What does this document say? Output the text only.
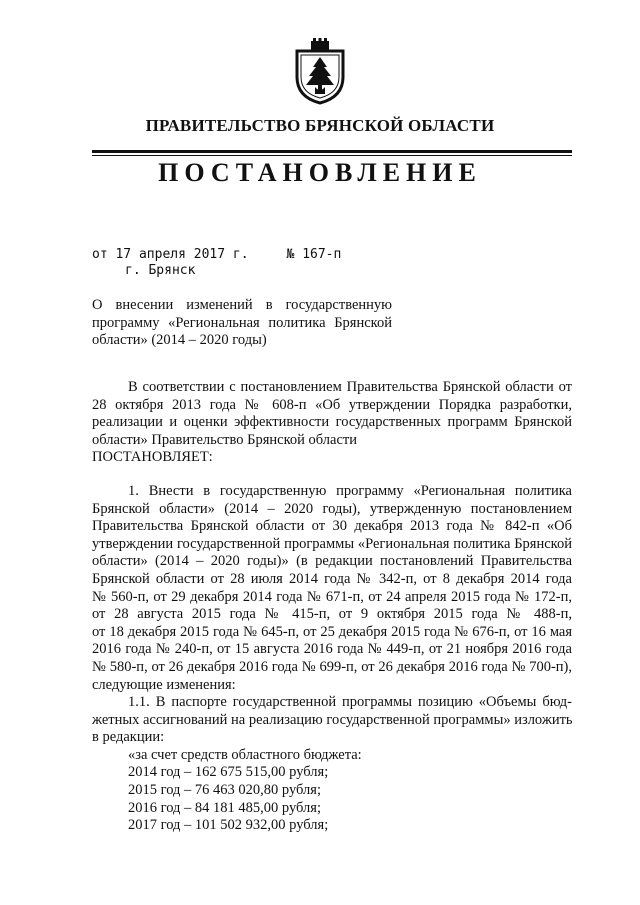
ПРАВИТЕЛЬСТВО БРЯНСКОЙ ОБЛАСТИ
ПОСТАНОВЛЕНИЕ
от 17 апреля 2017 г.	№ 167-п
г. Брянск
О внесении изменений в государственную
программу «Региональная политика Брянской
области» (2014 – 2020 годы)
В соответствии с постановлением Правительства Брянской области от
28 октября 2013 года № 608-п «Об утверждении Порядка разработки,
реализации и оценки эффективности государственных программ Брянской
области» Правительство Брянской области
ПОСТАНОВЛЯЕТ:
1. Внести в государственную программу «Региональная политика
Брянской области» (2014 – 2020 годы), утвержденную постановлением
Правительства Брянской области от 30 декабря 2013 года № 842-п «Об
утверждении государственной программы «Региональная политика Брянской
области» (2014 – 2020 годы)» (в редакции постановлений Правительства
Брянской области от 28 июля 2014 года № 342-п, от 8 декабря 2014 года
№ 560-п, от 29 декабря 2014 года № 671-п, от 24 апреля 2015 года № 172-п,
от 28 августа 2015 года № 415-п, от 9 октября 2015 года № 488-п,
от 18 декабря 2015 года № 645-п, от 25 декабря 2015 года № 676-п, от 16 мая
2016 года № 240-п, от 15 августа 2016 года № 449-п, от 21 ноября 2016 года
№ 580-п, от 26 декабря 2016 года № 699-п, от 26 декабря 2016 года № 700-п),
следующие изменения:
1.1. В паспорте государственной программы позицию «Объемы бюд-
жетных ассигнований на реализацию государственной программы» изложить
в редакции:
«за счет средств областного бюджета:
2014 год – 162 675 515,00 рубля;
2015 год – 76 463 020,80 рубля;
2016 год – 84 181 485,00 рубля;
2017 год – 101 502 932,00 рубля;
